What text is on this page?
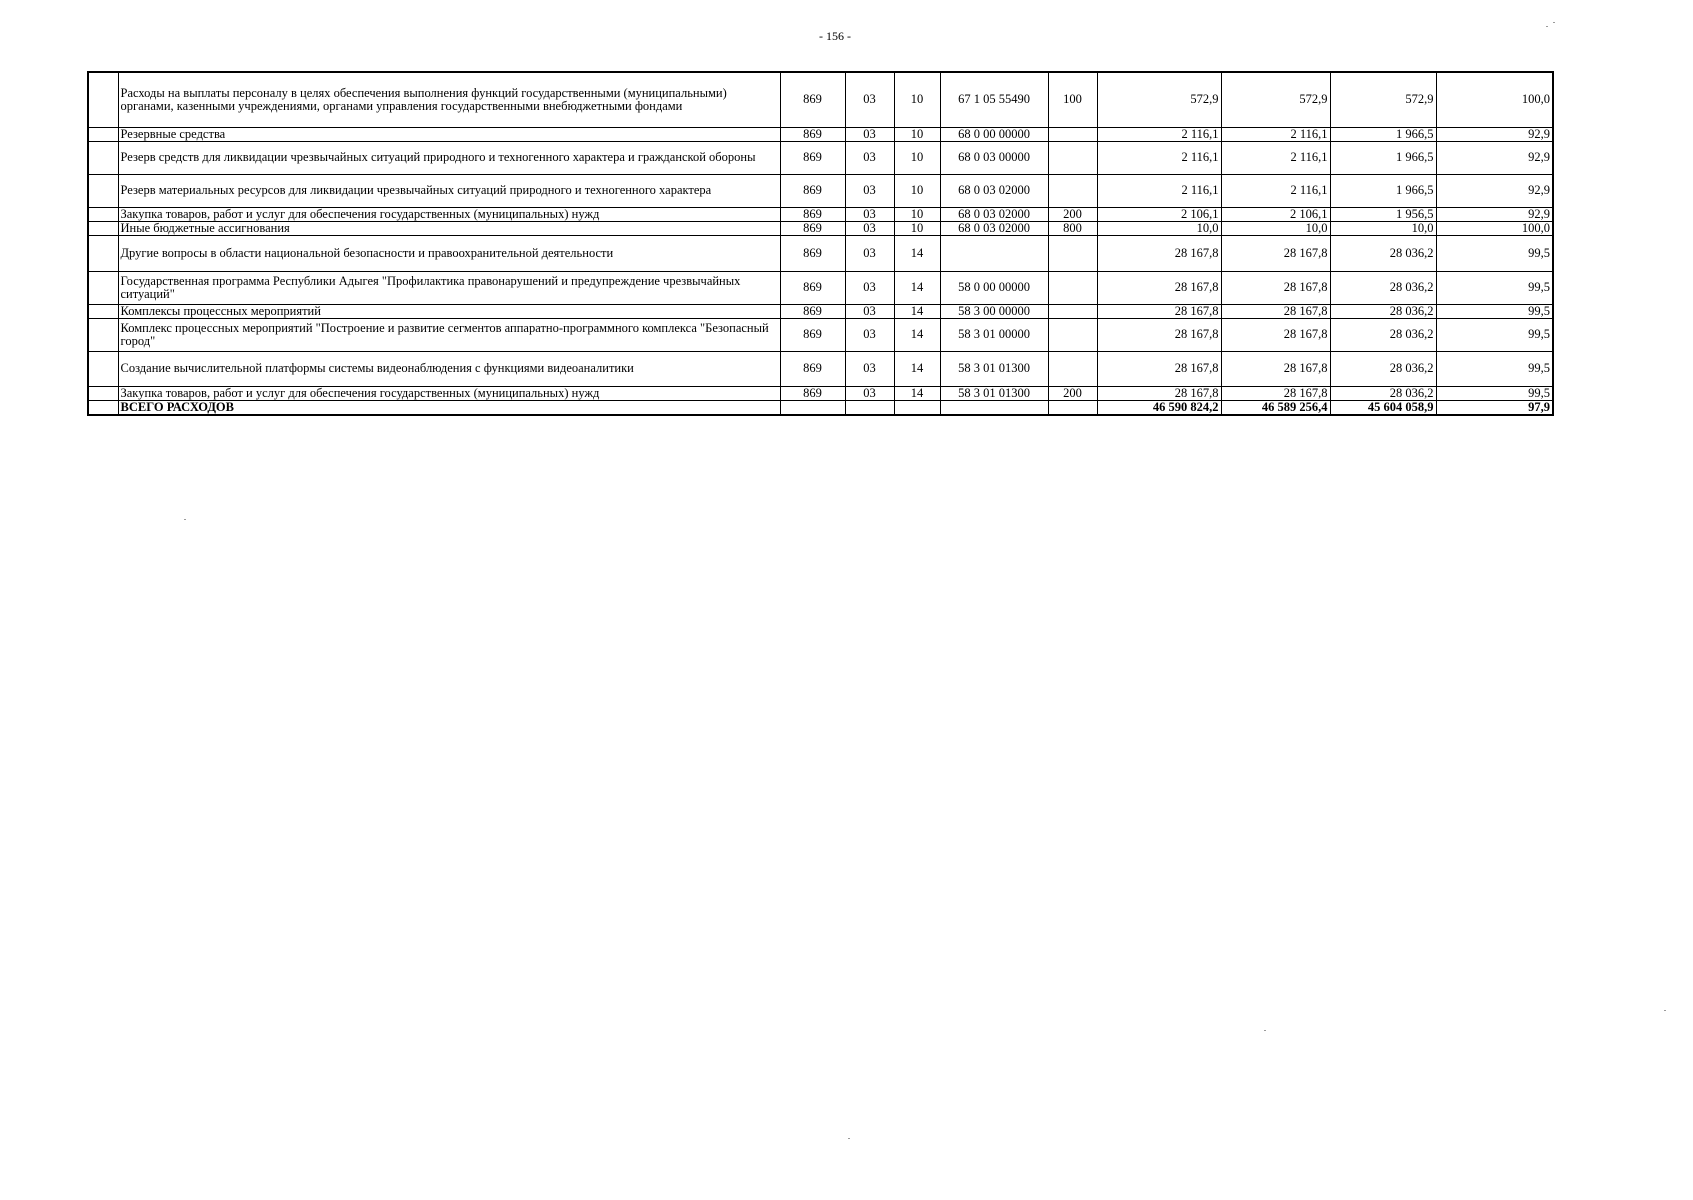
- 156 -
	Расходы на выплаты персоналу в целях обеспечения выполнения функций государственными (муниципальными) органами, казенными учреждениями, органами управления государственными внебюджетными фондами	869	03	10	67 1 05 55490	100	572,9	572,9	572,9	100,0
	Резервные средства	869	03	10	68 0 00 00000		2 116,1	2 116,1	1 966,5	92,9
	Резерв средств для ликвидации чрезвычайных ситуаций природного и техногенного характера и гражданской обороны	869	03	10	68 0 03 00000		2 116,1	2 116,1	1 966,5	92,9
	Резерв материальных ресурсов для ликвидации чрезвычайных ситуаций природного и техногенного характера	869	03	10	68 0 03 02000		2 116,1	2 116,1	1 966,5	92,9
	Закупка товаров, работ и услуг для обеспечения государственных (муниципальных) нужд	869	03	10	68 0 03 02000	200	2 106,1	2 106,1	1 956,5	92,9
	Иные бюджетные ассигнования	869	03	10	68 0 03 02000	800	10,0	10,0	10,0	100,0
	Другие вопросы в области национальной безопасности и правоохранительной деятельности	869	03	14			28 167,8	28 167,8	28 036,2	99,5
	Государственная программа Республики Адыгея "Профилактика правонарушений и предупреждение чрезвычайных ситуаций"	869	03	14	58 0 00 00000		28 167,8	28 167,8	28 036,2	99,5
	Комплексы процессных мероприятий	869	03	14	58 3 00 00000		28 167,8	28 167,8	28 036,2	99,5
	Комплекс процессных мероприятий "Построение и развитие сегментов аппаратно-программного комплекса "Безопасный город"	869	03	14	58 3 01 00000		28 167,8	28 167,8	28 036,2	99,5
	Создание вычислительной платформы системы видеонаблюдения с функциями видеоаналитики	869	03	14	58 3 01 01300		28 167,8	28 167,8	28 036,2	99,5
	Закупка товаров, работ и услуг для обеспечения государственных (муниципальных) нужд	869	03	14	58 3 01 01300	200	28 167,8	28 167,8	28 036,2	99,5
	ВСЕГО РАСХОДОВ						46 590 824,2	46 589 256,4	45 604 058,9	97,9
